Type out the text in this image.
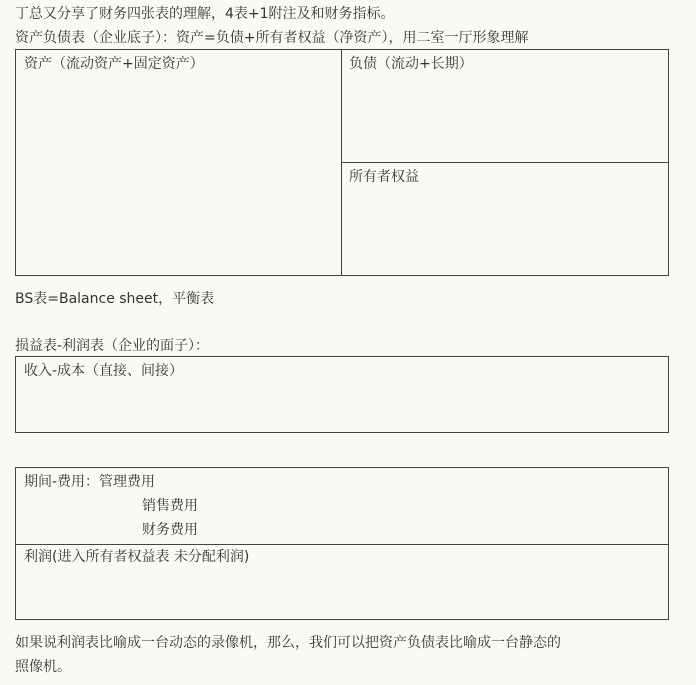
丁总又分享了财务四张表的理解，4表+1附注及和财务指标。
资产负债表（企业底子）：资产=负债+所有者权益（净资产），用二室一厅形象理解
资产（流动资产+固定资产）	负债（流动+长期）
所有者权益
BS表=Balance sheet，平衡表
损益表-利润表（企业的面子）：
收入-成本（直接、间接）
期间-费用：管理费用
销售费用
财务费用
利润(进入所有者权益表 未分配利润)
如果说利润表比喻成一台动态的录像机，那么，我们可以把资产负债表比喻成一台静态的
照像机。
